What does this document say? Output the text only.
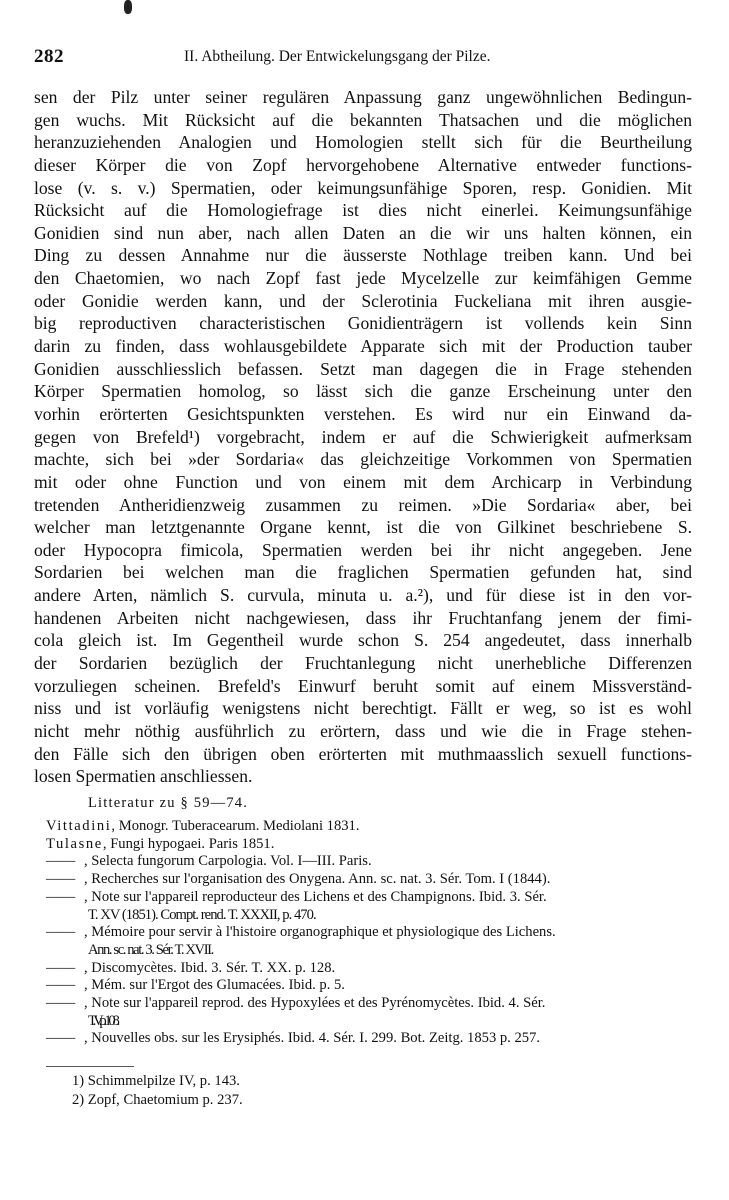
282	II. Abtheilung. Der Entwickelungsgang der Pilze.
sen der Pilz unter seiner regulären Anpassung ganz ungewöhnlichen Bedingun-
gen wuchs. Mit Rücksicht auf die bekannten Thatsachen und die möglichen
heranzuziehenden Analogien und Homologien stellt sich für die Beurtheilung
dieser Körper die von Zopf hervorgehobene Alternative entweder functions-
lose (v. s. v.) Spermatien, oder keimungsunfähige Sporen, resp. Gonidien. Mit
Rücksicht auf die Homologiefrage ist dies nicht einerlei. Keimungsunfähige
Gonidien sind nun aber, nach allen Daten an die wir uns halten können, ein
Ding zu dessen Annahme nur die äusserste Nothlage treiben kann. Und bei
den Chaetomien, wo nach Zopf fast jede Mycelzelle zur keimfähigen Gemme
oder Gonidie werden kann, und der Sclerotinia Fuckeliana mit ihren ausgie-
big reproductiven characteristischen Gonidienträgern ist vollends kein Sinn
darin zu finden, dass wohlausgebildete Apparate sich mit der Production tauber
Gonidien ausschliesslich befassen. Setzt man dagegen die in Frage stehenden
Körper Spermatien homolog, so lässt sich die ganze Erscheinung unter den
vorhin erörterten Gesichtspunkten verstehen. Es wird nur ein Einwand da-
gegen von Brefeld¹) vorgebracht, indem er auf die Schwierigkeit aufmerksam
machte, sich bei »der Sordaria« das gleichzeitige Vorkommen von Spermatien
mit oder ohne Function und von einem mit dem Archicarp in Verbindung
tretenden Antheridienzweig zusammen zu reimen. »Die Sordaria« aber, bei
welcher man letztgenannte Organe kennt, ist die von Gilkinet beschriebene S.
oder Hypocopra fimicola, Spermatien werden bei ihr nicht angegeben. Jene
Sordarien bei welchen man die fraglichen Spermatien gefunden hat, sind
andere Arten, nämlich S. curvula, minuta u. a.²), und für diese ist in den vor-
handenen Arbeiten nicht nachgewiesen, dass ihr Fruchtanfang jenem der fimi-
cola gleich ist. Im Gegentheil wurde schon S. 254 angedeutet, dass innerhalb
der Sordarien bezüglich der Fruchtanlegung nicht unerhebliche Differenzen
vorzuliegen scheinen. Brefeld's Einwurf beruht somit auf einem Missverständ-
niss und ist vorläufig wenigstens nicht berechtigt. Fällt er weg, so ist es wohl
nicht mehr nöthig ausführlich zu erörtern, dass und wie die in Frage stehen-
den Fälle sich den übrigen oben erörterten mit muthmaasslich sexuell functions-
losen Spermatien anschliessen.
Litteratur zu § 59—74.
Vittadini, Monogr. Tuberacearum. Mediolani 1831.
Tulasne, Fungi hypogaei. Paris 1851.
—— , Selecta fungorum Carpologia. Vol. I—III. Paris.
—— , Recherches sur l'organisation des Onygena. Ann. sc. nat. 3. Sér. Tom. I (1844).
—— , Note sur l'appareil reproducteur des Lichens et des Champignons. Ibid. 3. Sér.
T. XV (1851). Compt. rend. T. XXXII, p. 470.
—— , Mémoire pour servir à l'histoire organographique et physiologique des Lichens.
Ann. sc. nat. 3. Sér. T. XVII.
—— , Discomycètes. Ibid. 3. Sér. T. XX. p. 128.
—— , Mém. sur l'Ergot des Glumacées. Ibid. p. 5.
—— , Note sur l'appareil reprod. des Hypoxylées et des Pyrénomycètes. Ibid. 4. Sér.
T. V. p. 108.
—— , Nouvelles obs. sur les Erysiphés. Ibid. 4. Sér. I. 299. Bot. Zeitg. 1853 p. 257.
1) Schimmelpilze IV, p. 143.
2) Zopf, Chaetomium p. 237.
